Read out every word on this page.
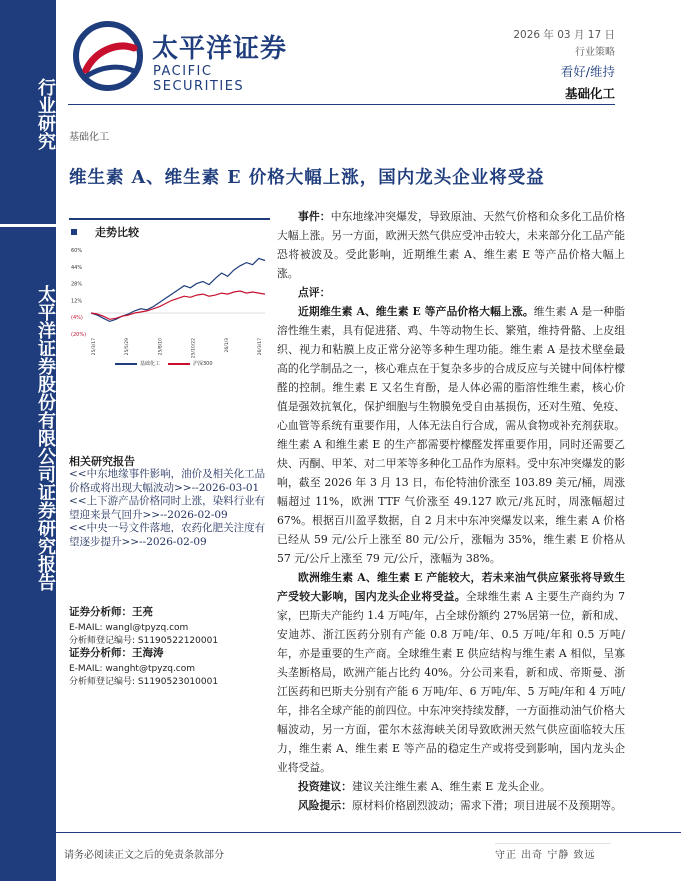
行业研究
太平洋证券股份有限公司证券研究报告
太平洋证券
PACIFIC SECURITIES
2026 年 03 月 17 日
行业策略
看好/维持
基础化工
基础化工
维生素 A、维生素 E 价格大幅上涨，国内龙头企业将受益
走势比较
60%
44%
28%
12%
(4%)
(20%)
25/3/17	25/5/29	25/8/10	25/10/22	26/1/3	26/3/17
基础化工	沪深300
相关研究报告
<<中东地缘事件影响，油价及相关化工品价格或将出现大幅波动>>--2026-03-01
<<上下游产品价格同时上涨，染料行业有望迎来景气回升>>--2026-02-09
<<中央一号文件落地，农药化肥关注度有望逐步提升>>--2026-02-09
证券分析师：王亮
E-MAIL: wangl@tpyzq.com
分析师登记编号: S1190522120001
证券分析师：王海涛
E-MAIL: wanght@tpyzq.com
分析师登记编号: S1190523010001

事件：中东地缘冲突爆发，导致原油、天然气价格和众多化工品价格大幅上涨。另一方面，欧洲天然气供应受冲击较大，未来部分化工品产能恐将被波及。受此影响，近期维生素 A、维生素 E 等产品价格大幅上涨。

点评：

近期维生素 A、维生素 E 等产品价格大幅上涨。维生素 A 是一种脂溶性维生素，具有促进猪、鸡、牛等动物生长、繁殖，维持骨骼、上皮组织、视力和粘膜上皮正常分泌等多种生理功能。维生素 A 是技术壁垒最高的化学制品之一，核心难点在于复杂多步的合成反应与关键中间体柠檬醛的控制。维生素 E 又名生育酚，是人体必需的脂溶性维生素，核心价值是强效抗氧化，保护细胞与生物膜免受自由基损伤，还对生殖、免疫、心血管等系统有重要作用，人体无法自行合成，需从食物或补充剂获取。维生素 A 和维生素 E 的生产都需要柠檬醛发挥重要作用，同时还需要乙炔、丙酮、甲苯、对二甲苯等多种化工品作为原料。受中东冲突爆发的影响，截至 2026 年 3 月 13 日，布伦特油价涨至 103.89 美元/桶，周涨幅超过 11%，欧洲 TTF 气价涨至 49.127 欧元/兆瓦时，周涨幅超过 67%。根据百川盈孚数据，自 2 月末中东冲突爆发以来，维生素 A 价格已经从 59 元/公斤上涨至 80 元/公斤，涨幅为 35%，维生素 E 价格从 57 元/公斤上涨至 79 元/公斤，涨幅为 38%。

欧洲维生素 A、维生素 E 产能较大，若未来油气供应紧张将导致生产受较大影响，国内龙头企业将受益。全球维生素 A 主要生产商约为 7 家，巴斯夫产能约 1.4 万吨/年，占全球份额约 27%居第一位，新和成、安迪苏、浙江医药分别有产能 0.8 万吨/年、0.5 万吨/年和 0.5 万吨/年，亦是重要的生产商。全球维生素 E 供应结构与维生素 A 相似，呈寡头垄断格局，欧洲产能占比约 40%。分公司来看，新和成、帝斯曼、浙江医药和巴斯夫分别有产能 6 万吨/年、6 万吨/年、5 万吨/年和 4 万吨/年，排名全球产能的前四位。中东冲突持续发酵，一方面推动油气价格大幅波动，另一方面，霍尔木兹海峡关闭导致欧洲天然气供应面临较大压力，维生素 A、维生素 E 等产品的稳定生产或将受到影响，国内龙头企业将受益。

投资建议：建议关注维生素 A、维生素 E 龙头企业。

风险提示：原材料价格剧烈波动；需求下滑；项目进展不及预期等。

请务必阅读正文之后的免责条款部分	守正 出奇 宁静 致远
